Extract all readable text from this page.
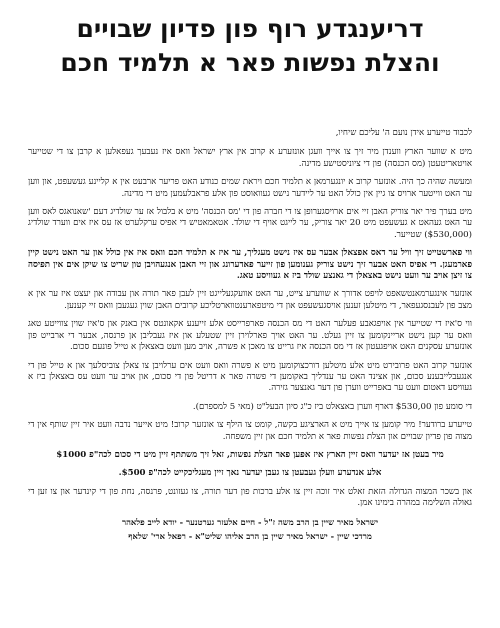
דריענגדע רוף פון פדיון שבויים
והצלת נפשות פאר א תלמיד חכם

לכבוד טייערע אידן נועם ה' עליכם שיחיו,

מיט א שווער הארץ ווענדן מיר זיך צו אייך וועגן אונזערע א קרוב אין ארץ ישראל וואס איז נעבעך געפאלען א קרבן צו די שטייער אויטאריטעטן (מס הכנסה) פון די ציוניסטישע מדינה.

ומעשה שהיה כך היה. אונזער קרוב א יונגערמאן א תלמיד חכם ויראת שמים כנודע האט פריער ארבעט אין א קליינע געשעפט, און ווען ער האט ווייטער ארויס צו גיין אין כולל האט ער ליידער נישט געוואוסט פון אלע פראבלעמען מיט די מדינה.

מיט בערך פיר יאר צוריק האבן זיי אים ארויסגערופן צו די חברה פון די 'מס הכנסה' מיט א בלבול אז ער שולדיג דעם 'שאנואגס לאס ווען ער האט געהאט א געשעפט מיט 20 יאר צוריק, ער לייגט אויף די שולד. אטאמאטיש די אפיס ערקלערט אז עס איז אים ווערד שולדיג ($530,000) שטייער.

ווי פארשטייט זיך וויל ער דאס אפצאלן אבער עס איז נישט מעגליך, ער איז א תלמיד חכם וואס איז אין כולל און ער האט נישט קיין פארמעגן. די אפיס האט אבער זיך נישט צוריק גענומען פון זייער פאדערונג און זיי האבן אנגעהויבן טון שריט צו שיקן אים אין תפיסה צו זיצן אויב ער וועט נישט באצאלן די גאנצע שולד ביז א געוויסע טאג.

אונזער אינגערמאנטשאפט לויפט אדורך א שווערע צייט, ער האט אוועקגעלייגט זיין לעבן פאר תורה און עבודה און יעצט איז ער אין א מצב פון לעבנסגעפאר, די מיטלען זענען אויסגעשעפט און די מיטפארענטווארטליכע קרובים האבן שוין געגעבן וואס זיי קענען.

ווי ס'איז די שטייער אין אויפגאבע פעלער האט די מס הכנסה פארפרייסט אלע זייענע אקאונטס אין באנק און ס'איז שוין צווייטע טאג וואס ער קען נישט אריינקומען צו זיין געלט. ער האט אויך פארלוירן זיין שטעלע און איז געבליבן אן פרנסה, אבער די ארבייט פון אונזערע עסקנים האט אויפגעטון אז די מס הכנסה איז גרייט צו מאכן א פשרה, אויב מען וועט באצאלן א טייל פונעם סכום.

אונזער קרוב האט פרובירט מיט אלע מיטלען דורכצוקומען מיט א פשרה וואס וועט אים ערלויבן צו צאלן צוביסלעך און א טייל פון די אנגעבלייבענע סכום, און אצינד האט ער ענדליך באקומען די פשרה פאר א דריטל פון די סכום, און אויב ער וועט עס באצאלן ביז א געוויסע דאטום וועט ער באפרייט ווערן פון דער גאנצער גזירה.

די סומע פון $530,00 דארף ווערן באצאלט ביז כ"ג סיון הבעל"ט (מאי 5 למספרם).

טייערע ברודער! מיר קומען צו אייך מיט א הארציגע בקשה, קומט צו הילף צו אונזער קרוב! מיט אייער נדבה וועט איר זיין שותף אין די מצוה פון פדיון שבויים און הצלת נפשות פאר א תלמיד חכם און זיין משפחה.

מיר בעטן אז יעדער וואס זיין הארץ איז אפען פאר הצלת נפשות, זאל זיך משתתף זיין מיט די סכום לכה"פ $1000

אלע אנדערע וועלן געבעטן צו געבן יעדער נאך זיין מעגליכקייט לכה"פ $500.

און בשכר המצוה הגדולה הזאת זאלט איר זוכה זיין צו אלע ברכות פון דער תורה, צו געזונט, פרנסה, נחת פון די קינדער און צו זען די גאולה השלימה במהרה בימינו אמן.

ישראל מאיר שיין בן הרב משה ז"ל - חיים אלעזר גערטנער - יודא לייב פלאהר
מרדכי שיין - ישראל מאיר שיין בן הרב אליהו שליט"א - רפאל ארי' שלאף
